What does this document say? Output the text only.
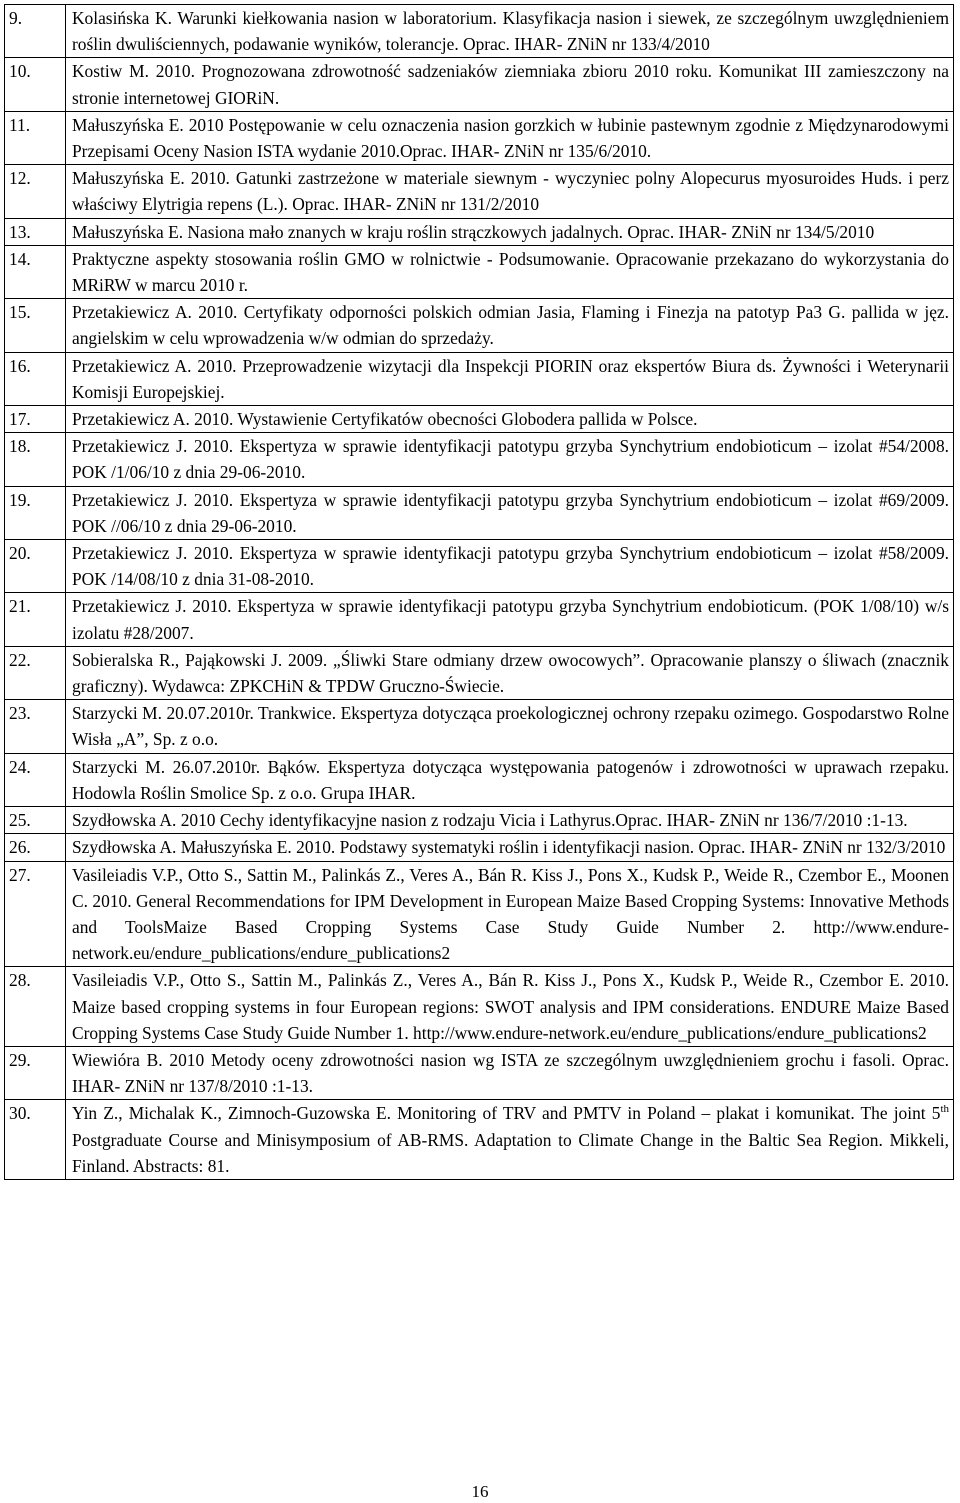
9.	Kolasińska K. Warunki kiełkowania nasion w laboratorium. Klasyfikacja nasion i siewek, ze szczególnym uwzględnieniem roślin dwuliściennych, podawanie wyników, tolerancje. Oprac. IHAR- ZNiN nr 133/4/2010
10.	Kostiw M. 2010. Prognozowana zdrowotność sadzeniaków ziemniaka zbioru 2010 roku. Komunikat III zamieszczony na stronie internetowej GIORiN.
11.	Małuszyńska E. 2010 Postępowanie w celu oznaczenia nasion gorzkich w łubinie pastewnym zgodnie z Międzynarodowymi Przepisami Oceny Nasion ISTA wydanie 2010.Oprac. IHAR- ZNiN nr 135/6/2010.
12.	Małuszyńska E. 2010. Gatunki zastrzeżone w materiale siewnym - wyczyniec polny Alopecurus myosuroides Huds. i perz właściwy Elytrigia repens (L.). Oprac. IHAR- ZNiN nr 131/2/2010
13.	Małuszyńska E. Nasiona mało znanych w kraju roślin strączkowych jadalnych. Oprac. IHAR- ZNiN nr 134/5/2010
14.	Praktyczne aspekty stosowania roślin GMO w rolnictwie - Podsumowanie. Opracowanie przekazano do wykorzystania do MRiRW w marcu 2010 r.
15.	Przetakiewicz A. 2010. Certyfikaty odporności polskich odmian Jasia, Flaming i Finezja na patotyp Pa3 G. pallida w jęz. angielskim w celu wprowadzenia w/w odmian do sprzedaży.
16.	Przetakiewicz A. 2010. Przeprowadzenie wizytacji dla Inspekcji PIORIN oraz ekspertów Biura ds. Żywności i Weterynarii Komisji Europejskiej.
17.	Przetakiewicz A. 2010. Wystawienie Certyfikatów obecności Globodera pallida w Polsce.
18.	Przetakiewicz J. 2010. Ekspertyza w sprawie identyfikacji patotypu grzyba Synchytrium endobioticum – izolat #54/2008. POK /1/06/10 z dnia 29-06-2010.
19.	Przetakiewicz J. 2010. Ekspertyza w sprawie identyfikacji patotypu grzyba Synchytrium endobioticum – izolat #69/2009. POK //06/10 z dnia 29-06-2010.
20.	Przetakiewicz J. 2010. Ekspertyza w sprawie identyfikacji patotypu grzyba Synchytrium endobioticum – izolat #58/2009. POK /14/08/10 z dnia 31-08-2010.
21.	Przetakiewicz J. 2010. Ekspertyza w sprawie identyfikacji patotypu grzyba Synchytrium endobioticum. (POK 1/08/10) w/s izolatu #28/2007.
22.	Sobieralska R., Pająkowski J. 2009. „Śliwki Stare odmiany drzew owocowych”. Opracowanie planszy o śliwach (znacznik graficzny). Wydawca: ZPKCHiN & TPDW Gruczno-Świecie.
23.	Starzycki M. 20.07.2010r. Trankwice. Ekspertyza dotycząca proekologicznej ochrony rzepaku ozimego. Gospodarstwo Rolne Wisła „A”, Sp. z o.o.
24.	Starzycki M. 26.07.2010r. Bąków. Ekspertyza dotycząca występowania patogenów i zdrowotności w uprawach rzepaku. Hodowla Roślin Smolice Sp. z o.o. Grupa IHAR.
25.	Szydłowska A. 2010 Cechy identyfikacyjne nasion z rodzaju Vicia i Lathyrus.Oprac. IHAR- ZNiN nr 136/7/2010 :1-13.
26.	Szydłowska A. Małuszyńska E. 2010. Podstawy systematyki roślin i identyfikacji nasion. Oprac. IHAR- ZNiN nr 132/3/2010
27.	Vasileiadis V.P., Otto S., Sattin M., Palinkás Z., Veres A., Bán R. Kiss J., Pons X., Kudsk P., Weide R., Czembor E., Moonen C. 2010. General Recommendations for IPM Development in European Maize Based Cropping Systems: Innovative Methods and ToolsMaize Based Cropping Systems Case Study Guide Number 2. http://www.endure-network.eu/endure_publications/endure_publications2
28.	Vasileiadis V.P., Otto S., Sattin M., Palinkás Z., Veres A., Bán R. Kiss J., Pons X., Kudsk P., Weide R., Czembor E. 2010. Maize based cropping systems in four European regions: SWOT analysis and IPM considerations. ENDURE Maize Based Cropping Systems Case Study Guide Number 1. http://www.endure-network.eu/endure_publications/endure_publications2
29.	Wiewióra B. 2010 Metody oceny zdrowotności nasion wg ISTA ze szczególnym uwzględnieniem grochu i fasoli. Oprac. IHAR- ZNiN nr 137/8/2010 :1-13.
30.	Yin Z., Michalak K., Zimnoch-Guzowska E. Monitoring of TRV and PMTV in Poland – plakat i komunikat. The joint 5th Postgraduate Course and Minisymposium of AB-RMS. Adaptation to Climate Change in the Baltic Sea Region. Mikkeli, Finland. Abstracts: 81.
16
